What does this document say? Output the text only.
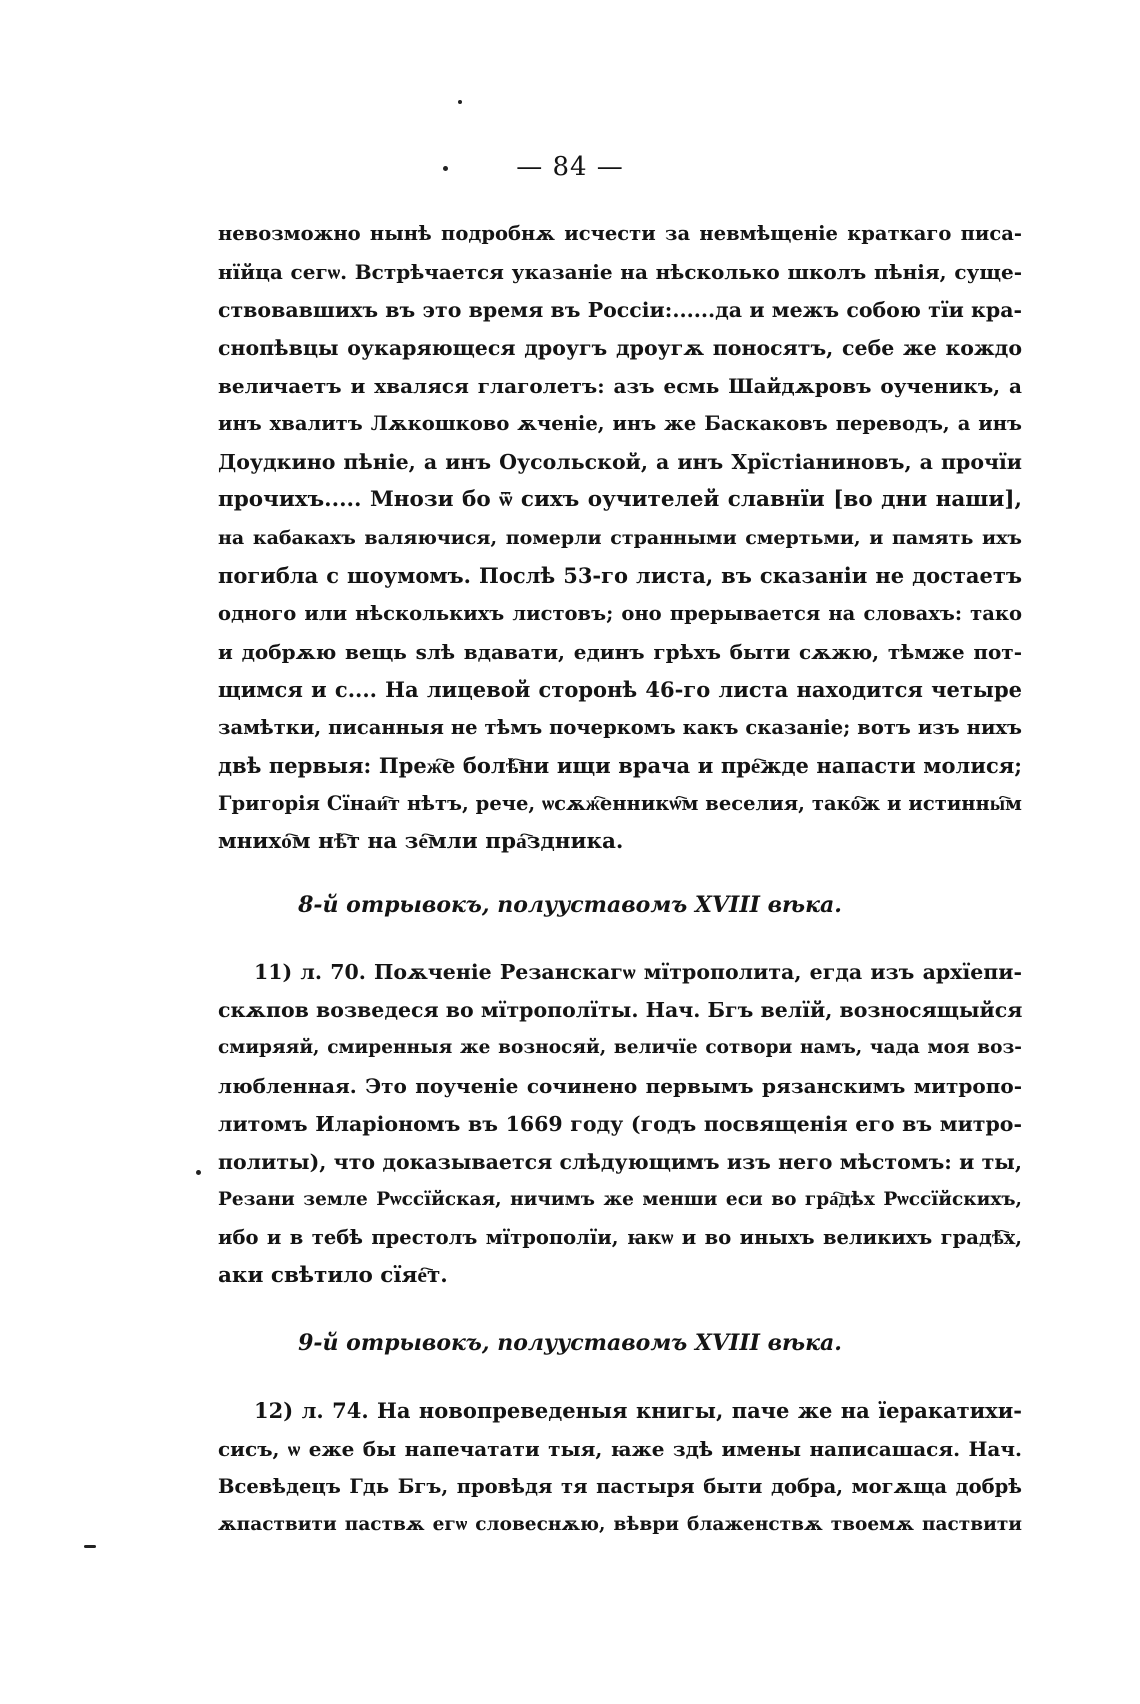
— 84 —
невозможно нынѣ подробнѫ исчести за невмѣщеніе краткаго писа-
нїйца сегѡ. Встрѣчается указаніе на нѣсколько школъ пѣнія, суще-
ствовавшихъ въ это время въ Россіи:......да и межъ собою тїи кра-
снопѣвцы оукаряющеся дроугъ дроугѫ поносятъ, себе же кождо
величаетъ и хваляся глаголетъ: азъ есмь Шайдѫровъ оученикъ, а
инъ хвалитъ Лѫкошково ѫченіе, инъ же Баскаковъ переводъ, а инъ
Доудкино пѣніе, а инъ Оусольской, а инъ Хрїстіаниновъ, а прочїи
прочихъ..... Мнози бо ѿ сихъ оучителей славнїи [во дни наши],
на кабакахъ валяючися, померли странными смертьми, и память ихъ
погибла с шоумомъ. Послѣ 53-го листа, въ сказаніи не достаетъ
одного или нѣсколькихъ листовъ; оно прерывается на словахъ: тако
и добрѫю вещь ѕлѣ вдавати, единъ грѣхъ быти сѫжю, тѣмже пот-
щимся и с.... На лицевой сторонѣ 46-го листа находится четыре
замѣтки, писанныя не тѣмъ почеркомъ какъ сказаніе; вотъ изъ нихъ
двѣ первыя: Преж҇е болѣ҇ни ищи врача и пре҇жде напасти молися;
Григорія Сїнаи҇т нѣтъ, рече, ѡсѫж҇енникѡ҇м веселия, тако҇ж и истинны҇м
мнихо҇м нѣ҇т на зе҇мли пра҇здника.
8-й отрывокъ, полууставомъ XVIII вѣка.
11) л. 70. Поѫченіе Резанскагѡ мїтрополита, егда изъ архїепи-
скѫпов возведеся во мїтрополїты. Нач. Бгъ велїй, возносящыйся
смиряяй, смиренныя же возносяй, величїе сотвори намъ, чада моя воз-
любленная. Это поученіе сочинено первымъ рязанскимъ митропо-
литомъ Иларіономъ въ 1669 году (годъ посвященія его въ митро-
политы), что доказывается слѣдующимъ изъ него мѣстомъ: и ты,
Резани земле Рѡссїйская, ничимъ же менши еси во гра҇дѣх Рѡссїйскихъ,
ибо и в тебѣ престолъ мїтрополїи, ꙗкѡ и во иныхъ великихъ градѣ҇х,
аки свѣтило сїяе҇т.
9-й отрывокъ, полууставомъ XVIII вѣка.
12) л. 74. На новопреведеныя книгы, паче же на їеракатихи-
сисъ, ѡ еже бы напечатати тыя, ꙗже здѣ имены написашася. Нач.
Всевѣдецъ Гдь Бгъ, провѣдя тя пастыря быти добра, могѫща добрѣ
ѫпаствити паствѫ егѡ словеснѫю, вѣври блаженствѫ твоемѫ паствити
